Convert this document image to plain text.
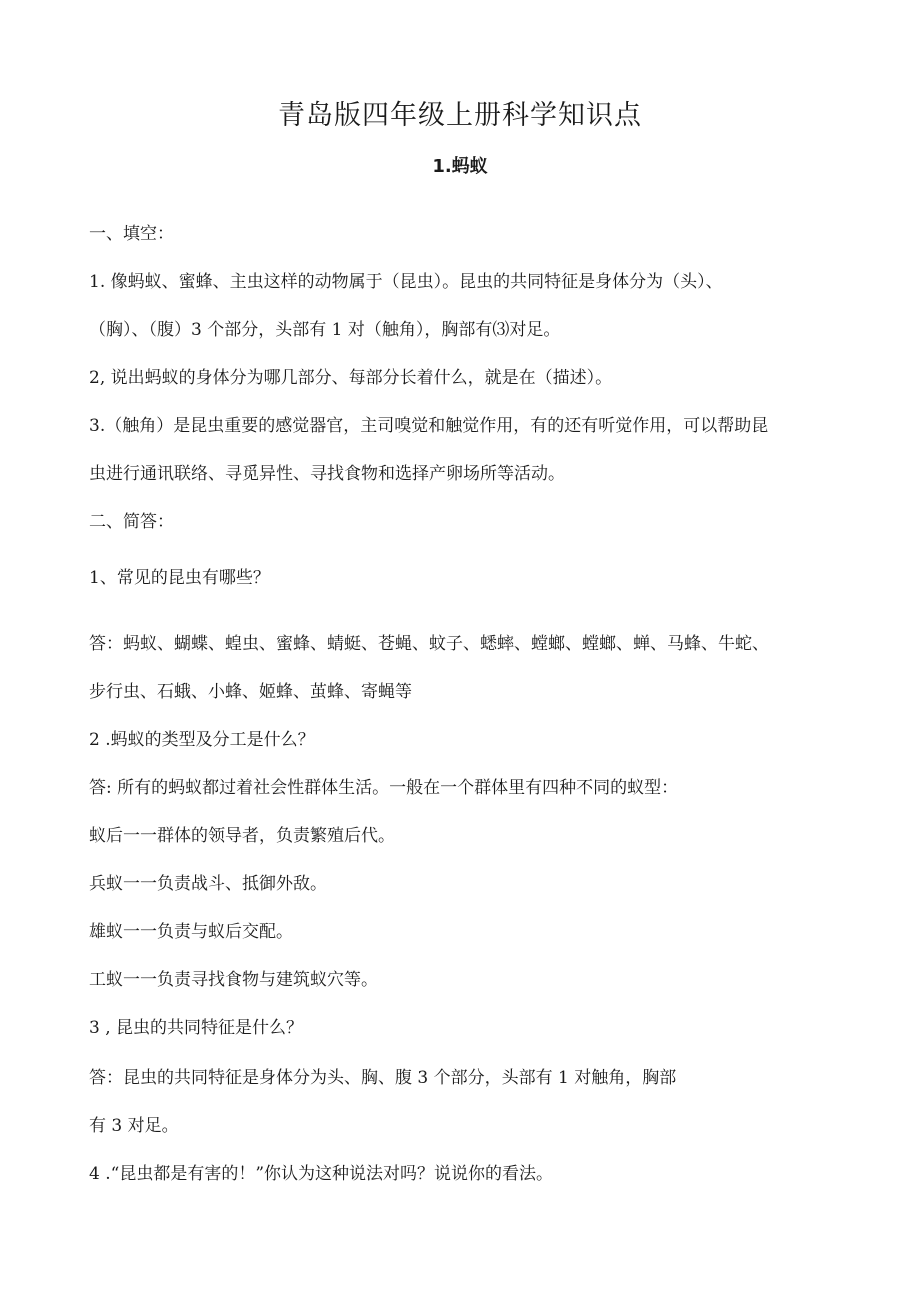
青岛版四年级上册科学知识点
1.蚂蚁

一、填空：

1. 像蚂蚁、蜜蜂、主虫这样的动物属于（昆虫）。昆虫的共同特征是身体分为（头）、

（胸）、（腹）3 个部分，头部有 1 对（触角），胸部有⑶对足。

2, 说出蚂蚁的身体分为哪几部分、每部分长着什么，就是在（描述）。

3.（触角）是昆虫重要的感觉器官，主司嗅觉和触觉作用，有的还有听觉作用，可以帮助昆

虫进行通讯联络、寻觅异性、寻找食物和选择产卵场所等活动。

二、简答：

1、常见的昆虫有哪些？

答：蚂蚁、蝴蝶、蝗虫、蜜蜂、蜻蜓、苍蝇、蚊子、蟋蟀、螳螂、螳螂、蝉、马蜂、牛蛇、

步行虫、石蛾、小蜂、姬蜂、茧蜂、寄蝇等

2 .蚂蚁的类型及分工是什么？

答: 所有的蚂蚁都过着社会性群体生活。一般在一个群体里有四种不同的蚁型：

蚁后一一群体的领导者，负责繁殖后代。

兵蚁一一负责战斗、抵御外敌。

雄蚁一一负责与蚁后交配。

工蚁一一负责寻找食物与建筑蚁穴等。

3 , 昆虫的共同特征是什么？

答：昆虫的共同特征是身体分为头、胸、腹 3 个部分，头部有 1 对触角，胸部

有 3 对足。

4 .“昆虫都是有害的！”你认为这种说法对吗？说说你的看法。
